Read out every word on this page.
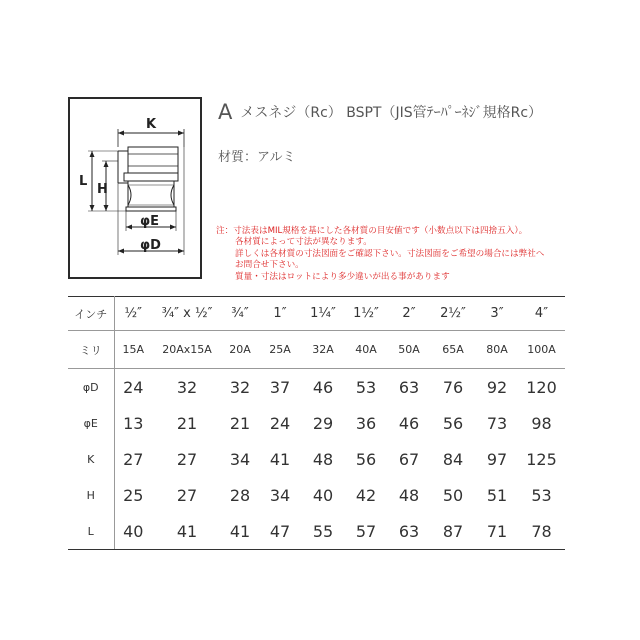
K
L
H
φE
φD
Aメスネジ（Rc） BSPT（JIS管ﾃｰﾊﾟｰﾈｼﾞ規格Rc）
材質：アルミ
注：寸法表はMIL規格を基にした各材質の目安値です（小数点以下は四捨五入）。
各材質によって寸法が異なります。
詳しくは各材質の寸法図面をご確認下さい。寸法図面をご希望の場合には弊社へ
お問合せ下さい。
質量・寸法はロットにより多少違いが出る事があります
インチ	½″	¾″ x ½″	¾″	1″	1¼″	1½″	2″	2½″	3″	4″
ミリ	15A	20Ax15A	20A	25A	32A	40A	50A	65A	80A	100A
φD	24	32	32	37	46	53	63	76	92	120
φE	13	21	21	24	29	36	46	56	73	98
K	27	27	34	41	48	56	67	84	97	125
H	25	27	28	34	40	42	48	50	51	53
L	40	41	41	47	55	57	63	87	71	78
